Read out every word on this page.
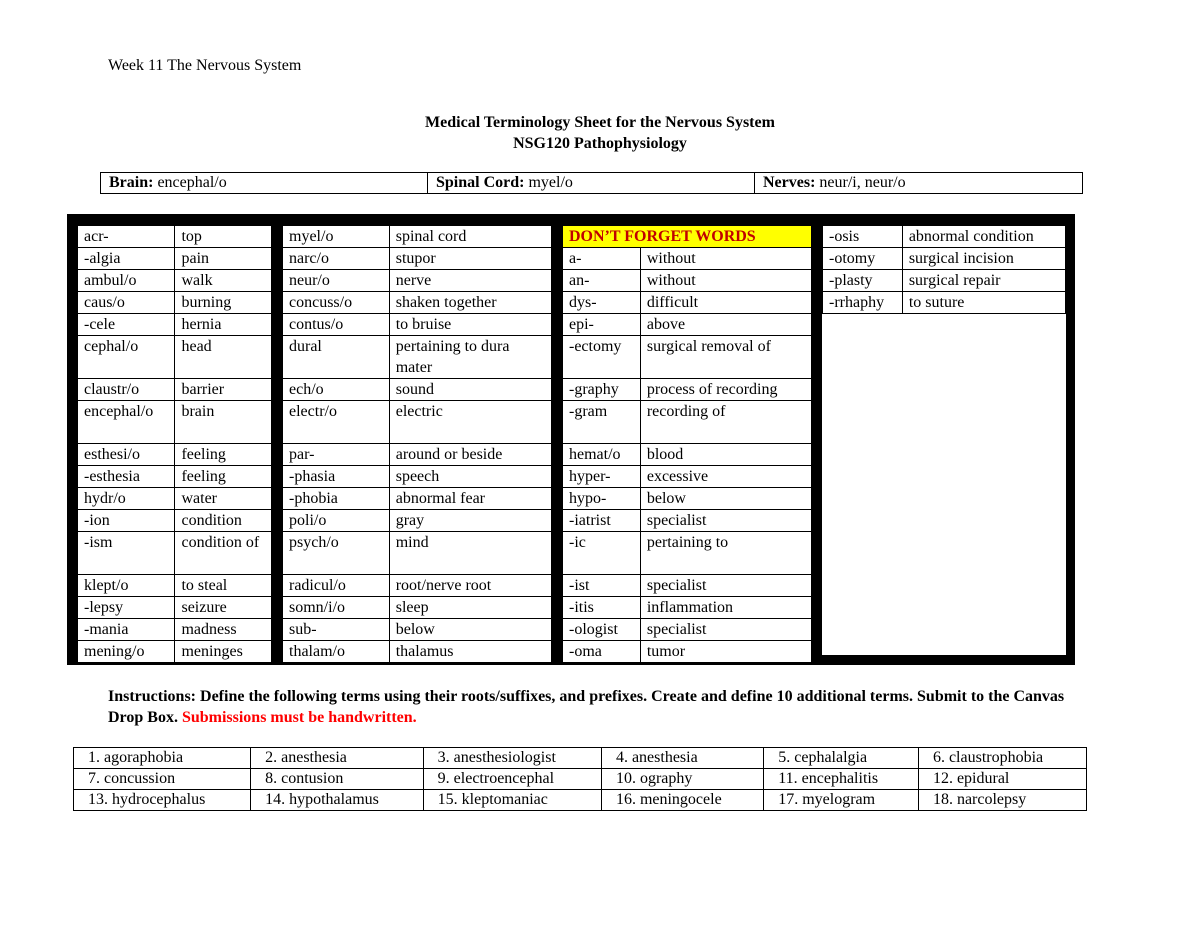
Week 11 The Nervous System
Medical Terminology Sheet for the Nervous System
NSG120 Pathophysiology
Brain: encephal/o	Spinal Cord: myel/o	Nerves: neur/i, neur/o
acr-	top
-algia	pain
ambul/o	walk
caus/o	burning
-cele	hernia
cephal/o	head
claustr/o	barrier
encephal/o	brain
esthesi/o	feeling
-esthesia	feeling
hydr/o	water
-ion	condition
-ism	condition of
klept/o	to steal
-lepsy	seizure
-mania	madness
mening/o	meninges
myel/o	spinal cord
narc/o	stupor
neur/o	nerve
concuss/o	shaken together
contus/o	to bruise
dural	pertaining to dura mater
ech/o	sound
electr/o	electric
par-	around or beside
-phasia	speech
-phobia	abnormal fear
poli/o	gray
psych/o	mind
radicul/o	root/nerve root
somn/i/o	sleep
sub-	below
thalam/o	thalamus
DON’T FORGET WORDS	
a-	without
an-	without
dys-	difficult
epi-	above
-ectomy	surgical removal of
-graphy	process of recording
-gram	recording of
hemat/o	blood
hyper-	excessive
hypo-	below
-iatrist	specialist
-ic	pertaining to
-ist	specialist
-itis	inflammation
-ologist	specialist
-oma	tumor
-osis	abnormal condition
-otomy	surgical incision
-plasty	surgical repair
-rrhaphy	to suture
Instructions: Define the following terms using their roots/suffixes, and prefixes. Create and define 10 additional terms. Submit to the Canvas Drop Box. Submissions must be handwritten.
1. agoraphobia	2. anesthesia	3. anesthesiologist	4. anesthesia	5. cephalalgia	6. claustrophobia
7. concussion	8. contusion	9. electroencephal	10. ography	11. encephalitis	12. epidural
13. hydrocephalus	14. hypothalamus	15. kleptomaniac	16. meningocele	17. myelogram	18. narcolepsy
